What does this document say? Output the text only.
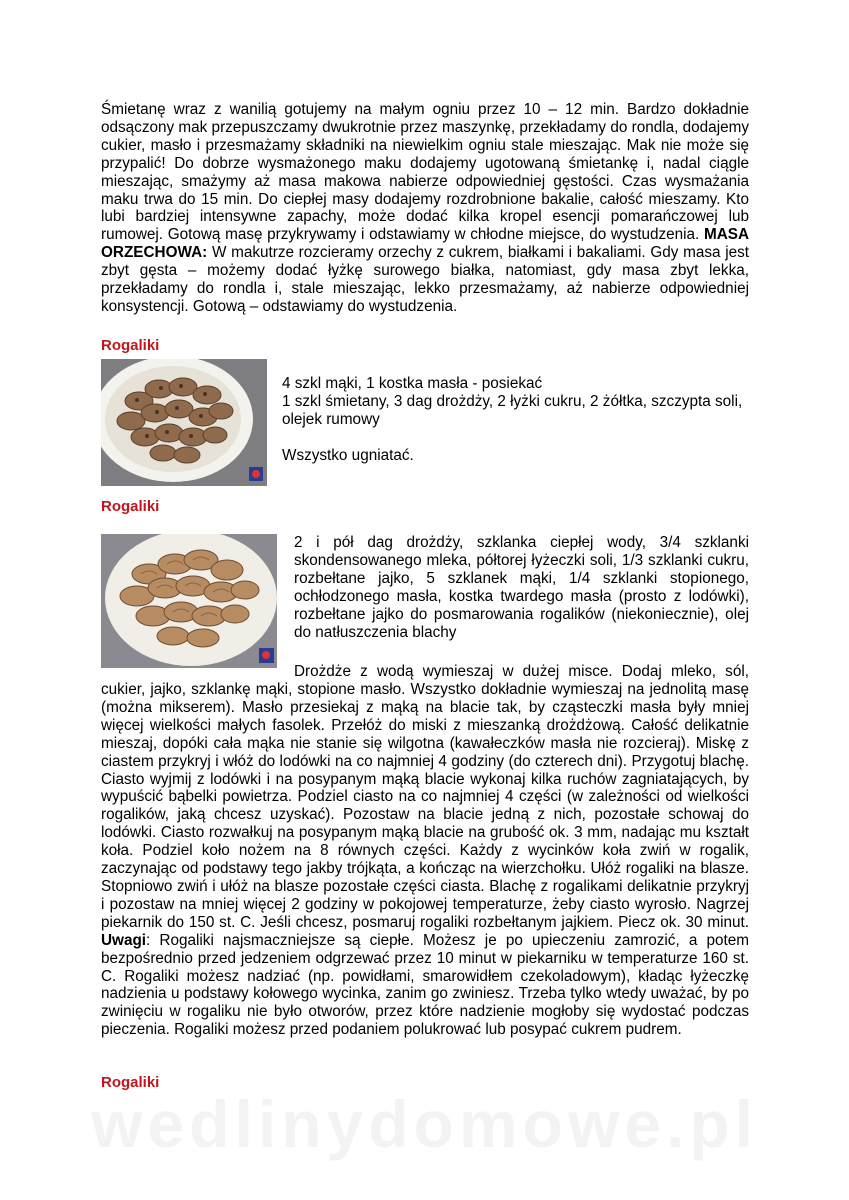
Śmietanę wraz z wanilią gotujemy na małym ogniu przez 10 – 12 min. Bardzo dokładnie odsączony mak przepuszczamy dwukrotnie przez maszynkę, przekładamy do rondla, dodajemy cukier, masło i przesmażamy składniki na niewielkim ogniu stale mieszając. Mak nie może się przypalić! Do dobrze wysmażonego maku dodajemy ugotowaną śmietankę i, nadal ciągle mieszając, smażymy aż masa makowa nabierze odpowiedniej gęstości. Czas wysmażania maku trwa do 15 min. Do ciepłej masy dodajemy rozdrobnione bakalie, całość mieszamy. Kto lubi bardziej intensywne zapachy, może dodać kilka kropel esencji pomarańczowej lub rumowej. Gotową masę przykrywamy i odstawiamy w chłodne miejsce, do wystudzenia. MASA ORZECHOWA: W makutrze rozcieramy orzechy z cukrem, białkami i bakaliami. Gdy masa jest zbyt gęsta – możemy dodać łyżkę surowego białka, natomiast, gdy masa zbyt lekka, przekładamy do rondla i, stale mieszając, lekko przesmażamy, aż nabierze odpowiedniej konsystencji. Gotową – odstawiamy do wystudzenia.

Rogaliki

4 szkl mąki, 1 kostka masła - posiekać

1 szkl śmietany, 3 dag drożdży, 2 łyżki cukru, 2 żółtka, szczypta soli, olejek rumowy

Wszystko ugniatać.

Rogaliki

2 i pół dag drożdży, szklanka ciepłej wody, 3/4 szklanki skondensowanego mleka, półtorej łyżeczki soli, 1/3 szklanki cukru, rozbełtane jajko, 5 szklanek mąki, 1/4 szklanki stopionego, ochłodzonego masła, kostka twardego masła (prosto z lodówki), rozbełtane jajko do posmarowania rogalików (niekoniecznie), olej do natłuszczenia blachy

Drożdże z wodą wymieszaj w dużej misce. Dodaj mleko, sól,

cukier, jajko, szklankę mąki, stopione masło. Wszystko dokładnie wymieszaj na jednolitą masę (można mikserem). Masło przesiekaj z mąką na blacie tak, by cząsteczki masła były mniej więcej wielkości małych fasolek. Przełóż do miski z mieszanką drożdżową. Całość delikatnie mieszaj, dopóki cała mąka nie stanie się wilgotna (kawałeczków masła nie rozcieraj). Miskę z ciastem przykryj i włóż do lodówki na co najmniej 4 godziny (do czterech dni). Przygotuj blachę. Ciasto wyjmij z lodówki i na posypanym mąką blacie wykonaj kilka ruchów zagniatających, by wypuścić bąbelki powietrza. Podziel ciasto na co najmniej 4 części (w zależności od wielkości rogalików, jaką chcesz uzyskać). Pozostaw na blacie jedną z nich, pozostałe schowaj do lodówki. Ciasto rozwałkuj na posypanym mąką blacie na grubość ok. 3 mm, nadając mu kształt koła. Podziel koło nożem na 8 równych części. Każdy z wycinków koła zwiń w rogalik, zaczynając od podstawy tego jakby trójkąta, a kończąc na wierzchołku. Ułóż rogaliki na blasze. Stopniowo zwiń i ułóż na blasze pozostałe części ciasta. Blachę z rogalikami delikatnie przykryj i pozostaw na mniej więcej 2 godziny w pokojowej temperaturze, żeby ciasto wyrosło. Nagrzej piekarnik do 150 st. C. Jeśli chcesz, posmaruj rogaliki rozbełtanym jajkiem. Piecz ok. 30 minut. Uwagi: Rogaliki najsmaczniejsze są ciepłe. Możesz je po upieczeniu zamrozić, a potem bezpośrednio przed jedzeniem odgrzewać przez 10 minut w piekarniku w temperaturze 160 st. C. Rogaliki możesz nadziać (np. powidłami, smarowidłem czekoladowym), kładąc łyżeczkę nadzienia u podstawy kołowego wycinka, zanim go zwiniesz. Trzeba tylko wtedy uważać, by po zwinięciu w rogaliku nie było otworów, przez które nadzienie mogłoby się wydostać podczas pieczenia. Rogaliki możesz przed podaniem polukrować lub posypać cukrem pudrem.

Rogaliki

wedlinydomowe.pl
